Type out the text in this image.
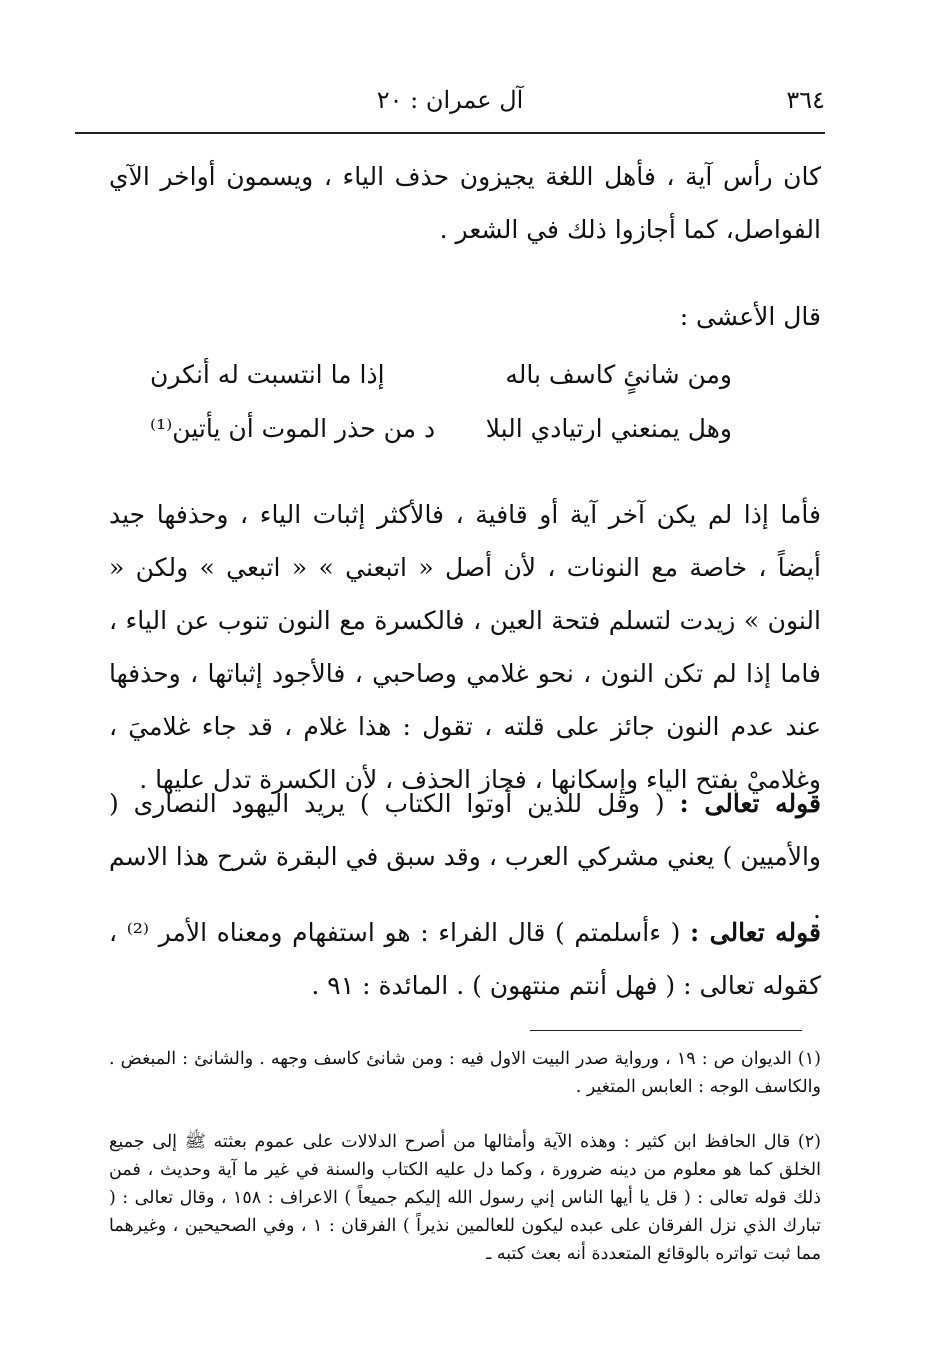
٣٦٤
آل عمران : ٢٠

كان رأس آية ، فأهل اللغة يجيزون حذف الياء ، ويسمون أواخر الآي الفواصل، كما أجازوا ذلك في الشعر .

قال الأعشى :

ومن شانئٍ كاسف باله
إذا ما انتسبت له أنكرن
وهل يمنعني ارتيادي البلا
د من حذر الموت أن يأتين⁽¹⁾

فأما إذا لم يكن آخر آية أو قافية ، فالأكثر إثبات الياء ، وحذفها جيد أيضاً ، خاصة مع النونات ، لأن أصل « اتبعني » « اتبعي » ولكن « النون » زيدت لتسلم فتحة العين ، فالكسرة مع النون تنوب عن الياء ، فاما إذا لم تكن النون ، نحو غلامي وصاحبي ، فالأجود إثباتها ، وحذفها عند عدم النون جائز على قلته ، تقول : هذا غلام ، قد جاء غلاميَ ، وغلاميْ بفتح الياء وإسكانها ، فجاز الحذف ، لأن الكسرة تدل عليها .

قوله تعالى : ( وقل للذين أوتوا الكتاب ) يريد اليهود النصارى ( والأميين ) يعني مشركي العرب ، وقد سبق في البقرة شرح هذا الاسم .

قوله تعالى : ( ءأسلمتم ) قال الفراء : هو استفهام ومعناه الأمر ⁽²⁾ ، كقوله تعالى : ( فهل أنتم منتهون ) . المائدة : ٩١ .

(١) الديوان ص : ١٩ ، ورواية صدر البيت الاول فيه : ومن شانئ كاسف وجهه . والشانئ : المبغض . والكاسف الوجه : العابس المتغير .

(٢) قال الحافظ ابن كثير : وهذه الآية وأمثالها من أصرح الدلالات على عموم بعثته ﷺ إلى جميع الخلق كما هو معلوم من دينه ضرورة ، وكما دل عليه الكتاب والسنة في غير ما آية وحديث ، فمن ذلك قوله تعالى : ( قل يا أيها الناس إني رسول الله إليكم جميعاً ) الاعراف : ١٥٨ ، وقال تعالى : ( تبارك الذي نزل الفرقان على عبده ليكون للعالمين نذيراً ) الفرقان : ١ ، وفي الصحيحين ، وغيرهما مما ثبت تواتره بالوقائع المتعددة أنه بعث كتبه ـ
